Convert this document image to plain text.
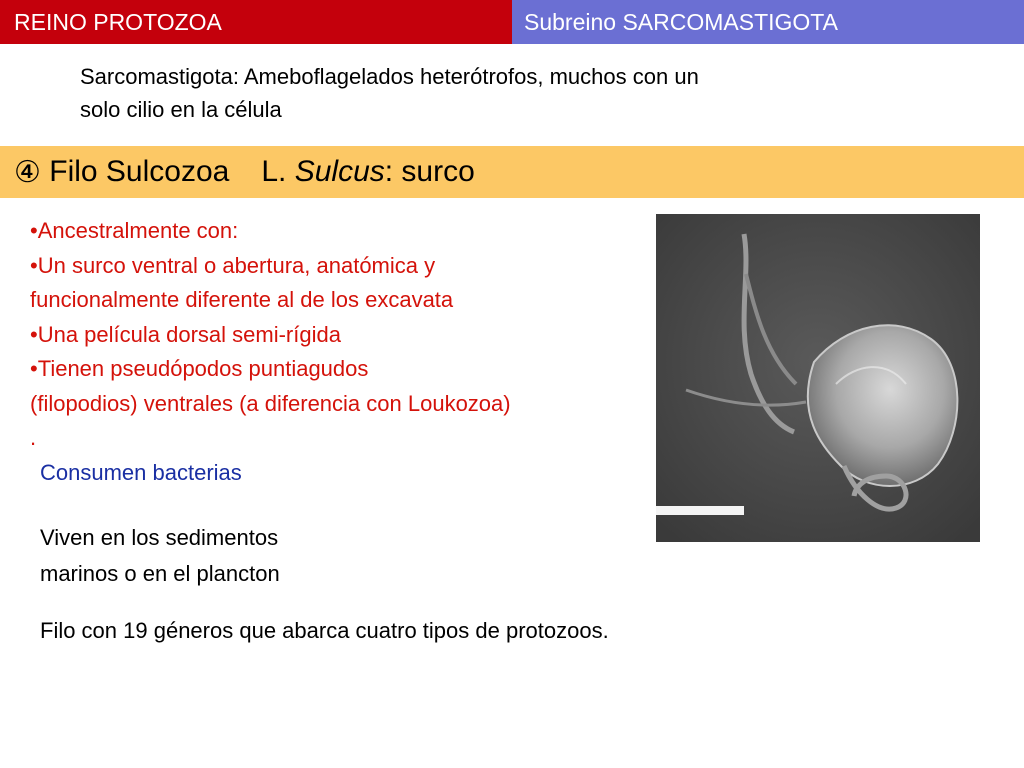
REINO PROTOZOA	Subreino SARCOMASTIGOTA
Sarcomastigota: Ameboflagelados heterótrofos, muchos con un
solo cilio en la célula
④
Filo Sulcozoa L.
Sulcus : surco
•Ancestralmente con:
•Un surco ventral o abertura, anatómica y
funcionalmente diferente al de los excavata
•Una película dorsal semi-rígida
•Tienen pseudópodos puntiagudos
(filopodios) ventrales (a diferencia con Loukozoa)
.
Consumen bacterias
Viven en los sedimentos
marinos o en el plancton
Filo con 19 géneros que abarca cuatro tipos de protozoos.
